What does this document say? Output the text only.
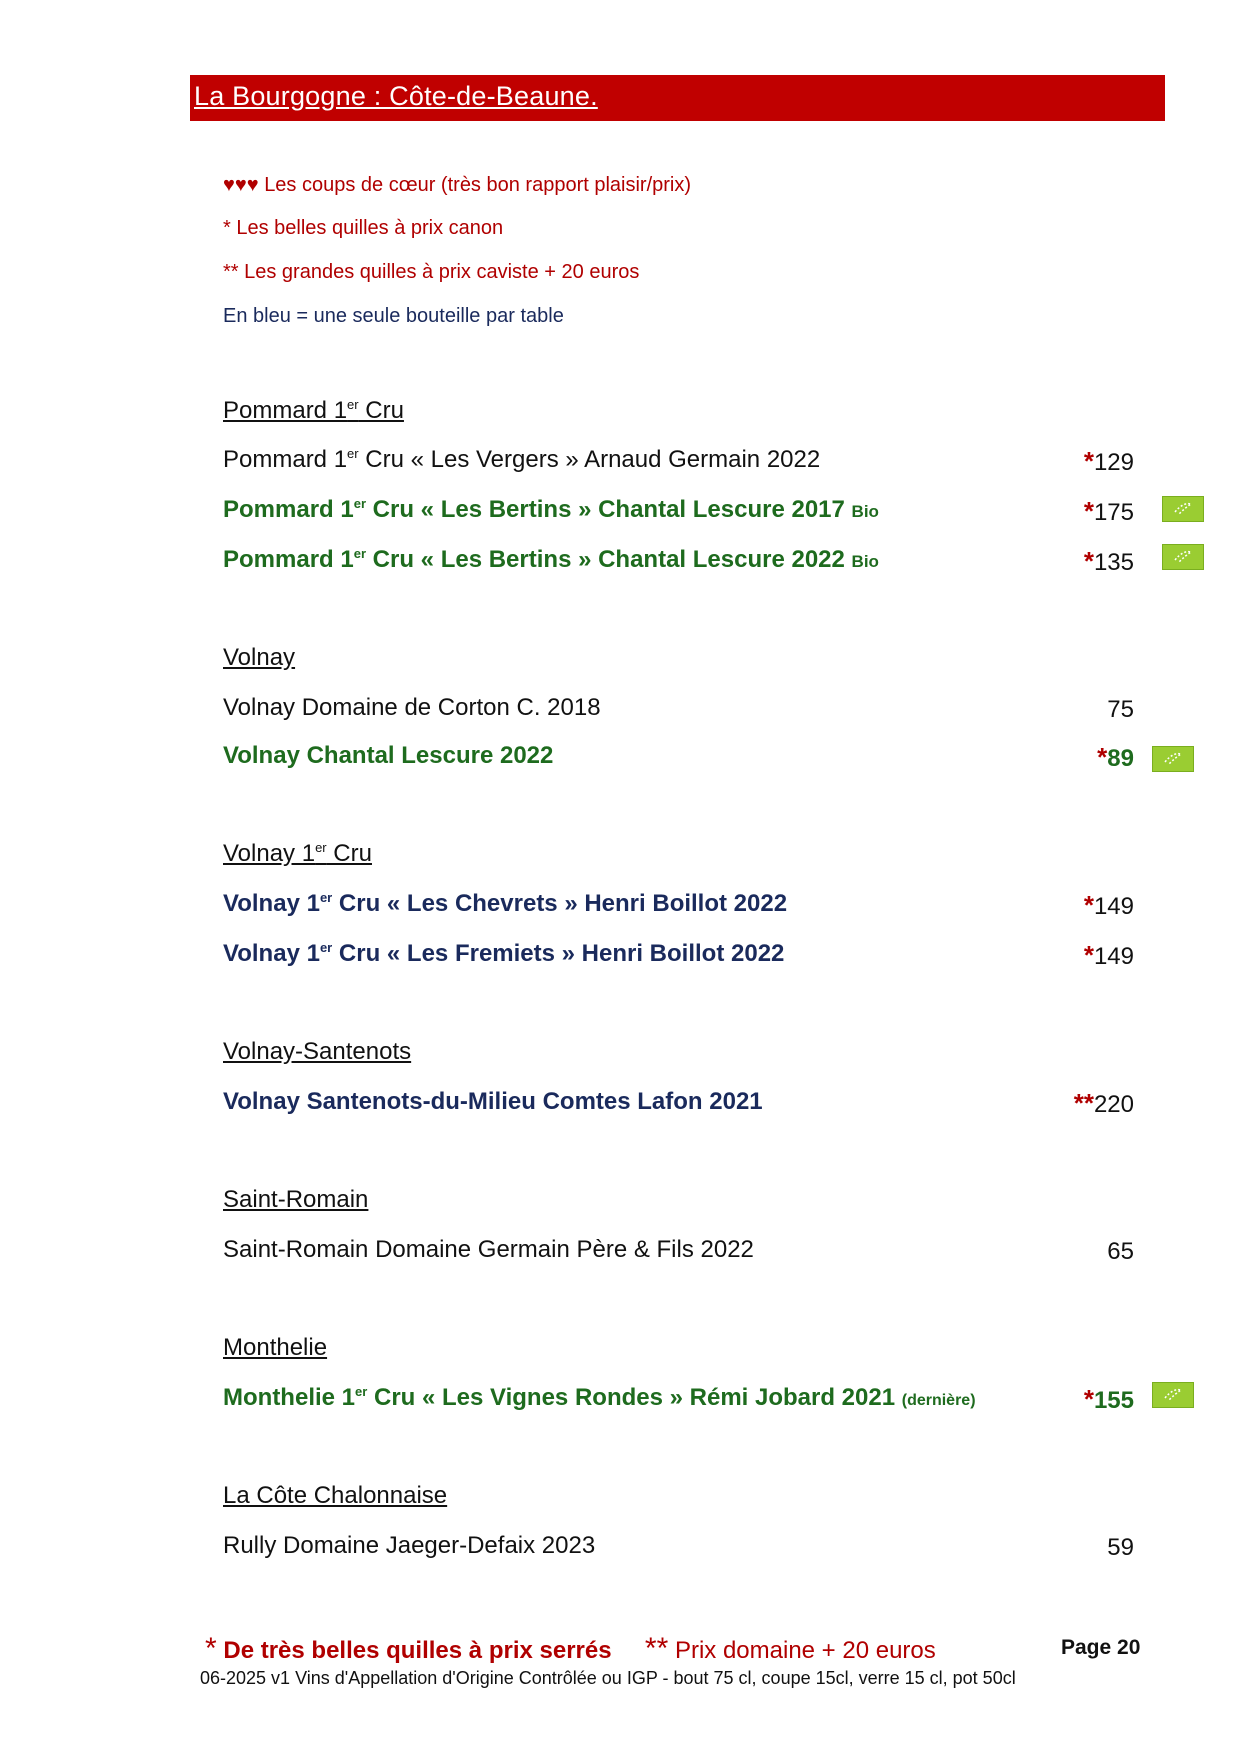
La Bourgogne : Côte-de-Beaune.
♥♥♥ Les coups de cœur (très bon rapport plaisir/prix)
* Les belles quilles à prix canon
** Les grandes quilles à prix caviste + 20 euros
En bleu = une seule bouteille par table
Pommard 1er Cru
Pommard 1er Cru « Les Vergers » Arnaud Germain 2022	*129
Pommard 1er Cru « Les Bertins » Chantal Lescure 2017 Bio	*175
Pommard 1er Cru « Les Bertins » Chantal Lescure 2022 Bio	*135
Volnay
Volnay Domaine de Corton C. 2018	75
Volnay Chantal Lescure 2022	*89
Volnay 1er Cru
Volnay 1er Cru « Les Chevrets » Henri Boillot 2022	*149
Volnay 1er Cru « Les Fremiets » Henri Boillot 2022	*149
Volnay-Santenots
Volnay Santenots-du-Milieu Comtes Lafon 2021	**220
Saint-Romain
Saint-Romain Domaine Germain Père & Fils 2022	65
Monthelie
Monthelie 1er Cru « Les Vignes Rondes » Rémi Jobard 2021 (dernière)	*155
La Côte Chalonnaise
Rully Domaine Jaeger-Defaix 2023	59
* De très belles quilles à prix serrés ** Prix domaine + 20 euros	Page 20
06-2025 v1 Vins d'Appellation d'Origine Contrôlée ou IGP - bout 75 cl, coupe 15cl, verre 15 cl, pot 50cl
